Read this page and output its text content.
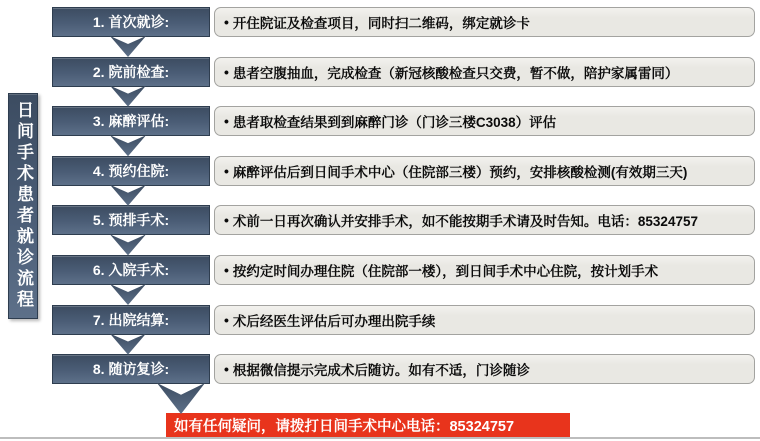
日间手术患者就诊流程
1. 首次就诊:	• 开住院证及检查项目，同时扫二维码，绑定就诊卡
2. 院前检查:	• 患者空腹抽血，完成检查（新冠核酸检查只交费，暂不做，陪护家属雷同）
3. 麻醉评估:	• 患者取检查结果到到麻醉门诊（门诊三楼C3038）评估
4. 预约住院:	• 麻醉评估后到日间手术中心（住院部三楼）预约，安排核酸检测(有效期三天)
5. 预排手术:	• 术前一日再次确认并安排手术，如不能按期手术请及时告知。电话：85324757
6. 入院手术:	• 按约定时间办理住院（住院部一楼），到日间手术中心住院，按计划手术
7. 出院结算:	• 术后经医生评估后可办理出院手续
8. 随访复诊:	• 根据微信提示完成术后随访。如有不适，门诊随诊
如有任何疑问，请拨打日间手术中心电话：85324757
